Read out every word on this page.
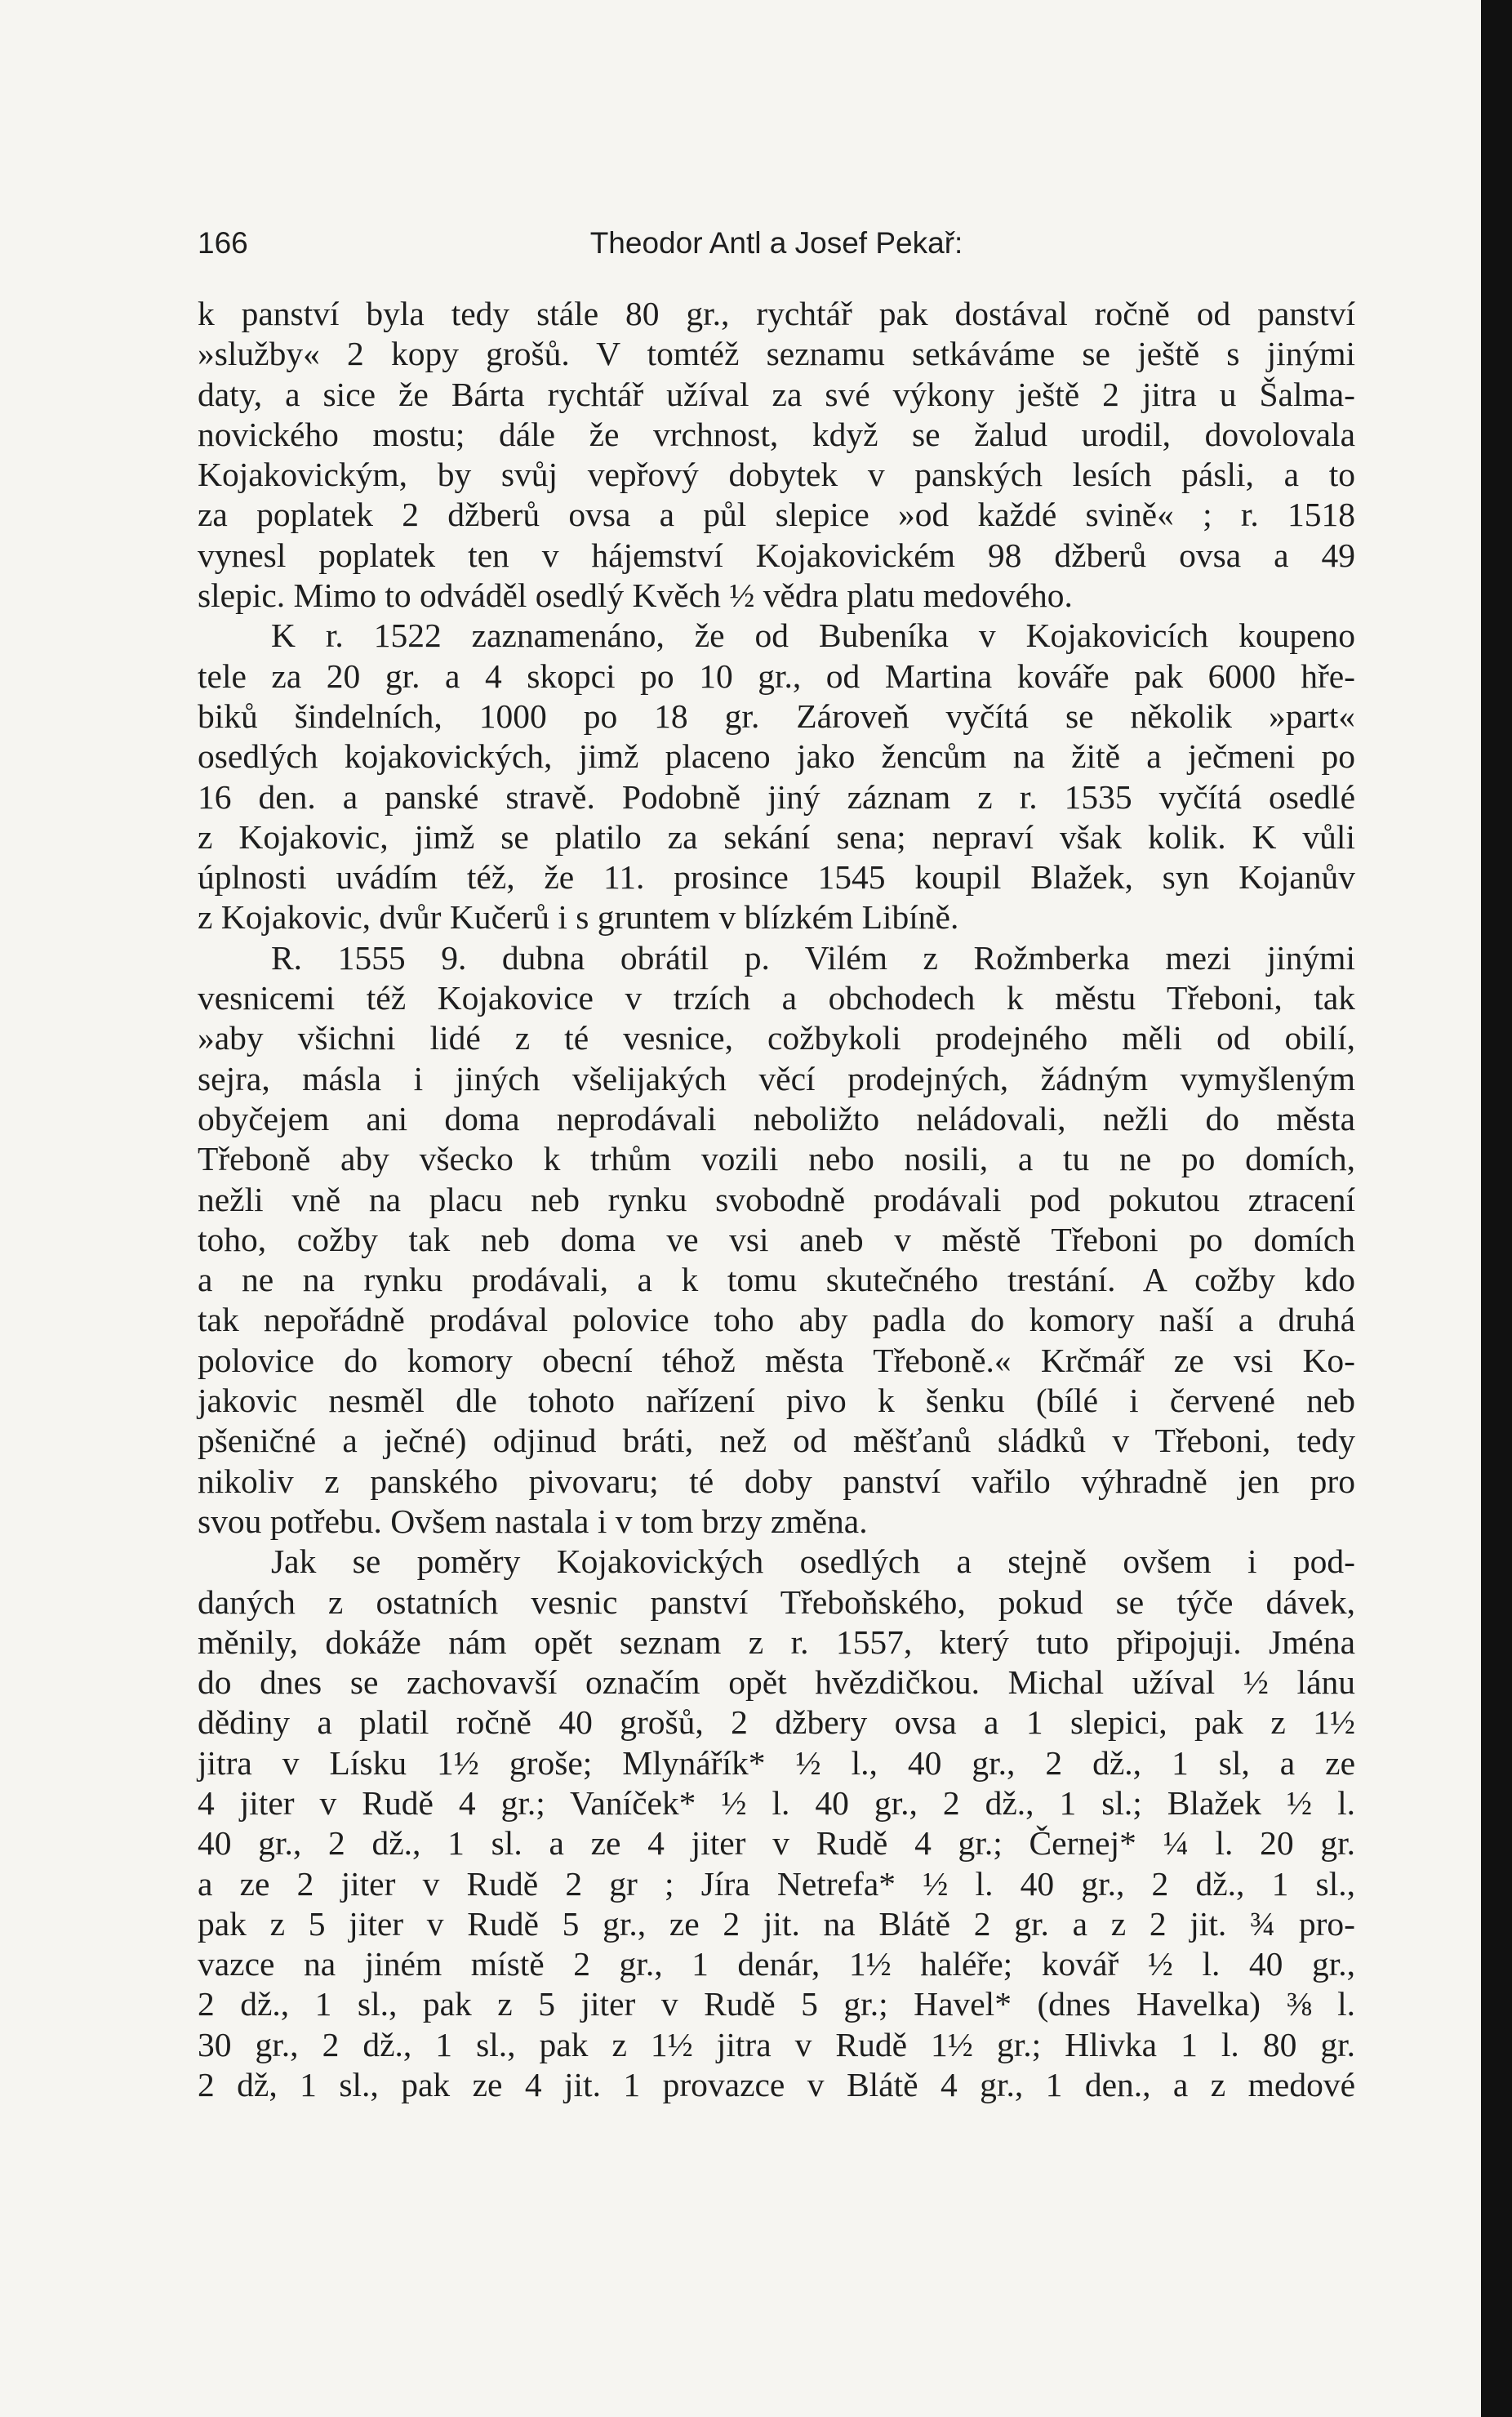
166	Theodor Antl a Josef Pekař:
k panství byla tedy stále 80 gr., rychtář pak dostával ročně od panství
»služby« 2 kopy grošů. V tomtéž seznamu setkáváme se ještě s jinými
daty, a sice že Bárta rychtář užíval za své výkony ještě 2 jitra u Šalma-
novického mostu; dále že vrchnost, když se žalud urodil, dovolovala
Kojakovickým, by svůj vepřový dobytek v panských lesích pásli, a to
za poplatek 2 džberů ovsa a půl slepice »od každé svině« ; r. 1518
vynesl poplatek ten v hájemství Kojakovickém 98 džberů ovsa a 49
slepic. Mimo to odváděl osedlý Kvěch ½ vědra platu medového.
K r. 1522 zaznamenáno, že od Bubeníka v Kojakovicích koupeno
tele za 20 gr. a 4 skopci po 10 gr., od Martina kováře pak 6000 hře-
biků šindelních, 1000 po 18 gr. Zároveň vyčítá se několik »part«
osedlých kojakovických, jimž placeno jako žencům na žitě a ječmeni po
16 den. a panské stravě. Podobně jiný záznam z r. 1535 vyčítá osedlé
z Kojakovic, jimž se platilo za sekání sena; nepraví však kolik. K vůli
úplnosti uvádím též, že 11. prosince 1545 koupil Blažek, syn Kojanův
z Kojakovic, dvůr Kučerů i s gruntem v blízkém Libíně.
R. 1555 9. dubna obrátil p. Vilém z Rožmberka mezi jinými
vesnicemi též Kojakovice v trzích a obchodech k městu Třeboni, tak
»aby všichni lidé z té vesnice, cožbykoli prodejného měli od obilí,
sejra, másla i jiných všelijakých věcí prodejných, žádným vymyšleným
obyčejem ani doma neprodávali neboližto neládovali, nežli do města
Třeboně aby všecko k trhům vozili nebo nosili, a tu ne po domích,
nežli vně na placu neb rynku svobodně prodávali pod pokutou ztracení
toho, cožby tak neb doma ve vsi aneb v městě Třeboni po domích
a ne na rynku prodávali, a k tomu skutečného trestání. A cožby kdo
tak nepořádně prodával polovice toho aby padla do komory naší a druhá
polovice do komory obecní téhož města Třeboně.« Krčmář ze vsi Ko-
jakovic nesměl dle tohoto nařízení pivo k šenku (bílé i červené neb
pšeničné a ječné) odjinud bráti, než od měšťanů sládků v Třeboni, tedy
nikoliv z panského pivovaru; té doby panství vařilo výhradně jen pro
svou potřebu. Ovšem nastala i v tom brzy změna.
Jak se poměry Kojakovických osedlých a stejně ovšem i pod-
daných z ostatních vesnic panství Třeboňského, pokud se týče dávek,
měnily, dokáže nám opět seznam z r. 1557, který tuto připojuji. Jména
do dnes se zachovavší označím opět hvězdičkou. Michal užíval ½ lánu
dědiny a platil ročně 40 grošů, 2 džbery ovsa a 1 slepici, pak z 1½
jitra v Lísku 1½ groše; Mlynářík* ½ l., 40 gr., 2 dž., 1 sl, a ze
4 jiter v Rudě 4 gr.; Vaníček* ½ l. 40 gr., 2 dž., 1 sl.; Blažek ½ l.
40 gr., 2 dž., 1 sl. a ze 4 jiter v Rudě 4 gr.; Černej* ¼ l. 20 gr.
a ze 2 jiter v Rudě 2 gr ; Jíra Netrefa* ½ l. 40 gr., 2 dž., 1 sl.,
pak z 5 jiter v Rudě 5 gr., ze 2 jit. na Blátě 2 gr. a z 2 jit. ¾ pro-
vazce na jiném místě 2 gr., 1 denár, 1½ haléře; kovář ½ l. 40 gr.,
2 dž., 1 sl., pak z 5 jiter v Rudě 5 gr.; Havel* (dnes Havelka) ⅜ l.
30 gr., 2 dž., 1 sl., pak z 1½ jitra v Rudě 1½ gr.; Hlivka 1 l. 80 gr.
2 dž, 1 sl., pak ze 4 jit. 1 provazce v Blátě 4 gr., 1 den., a z medové
